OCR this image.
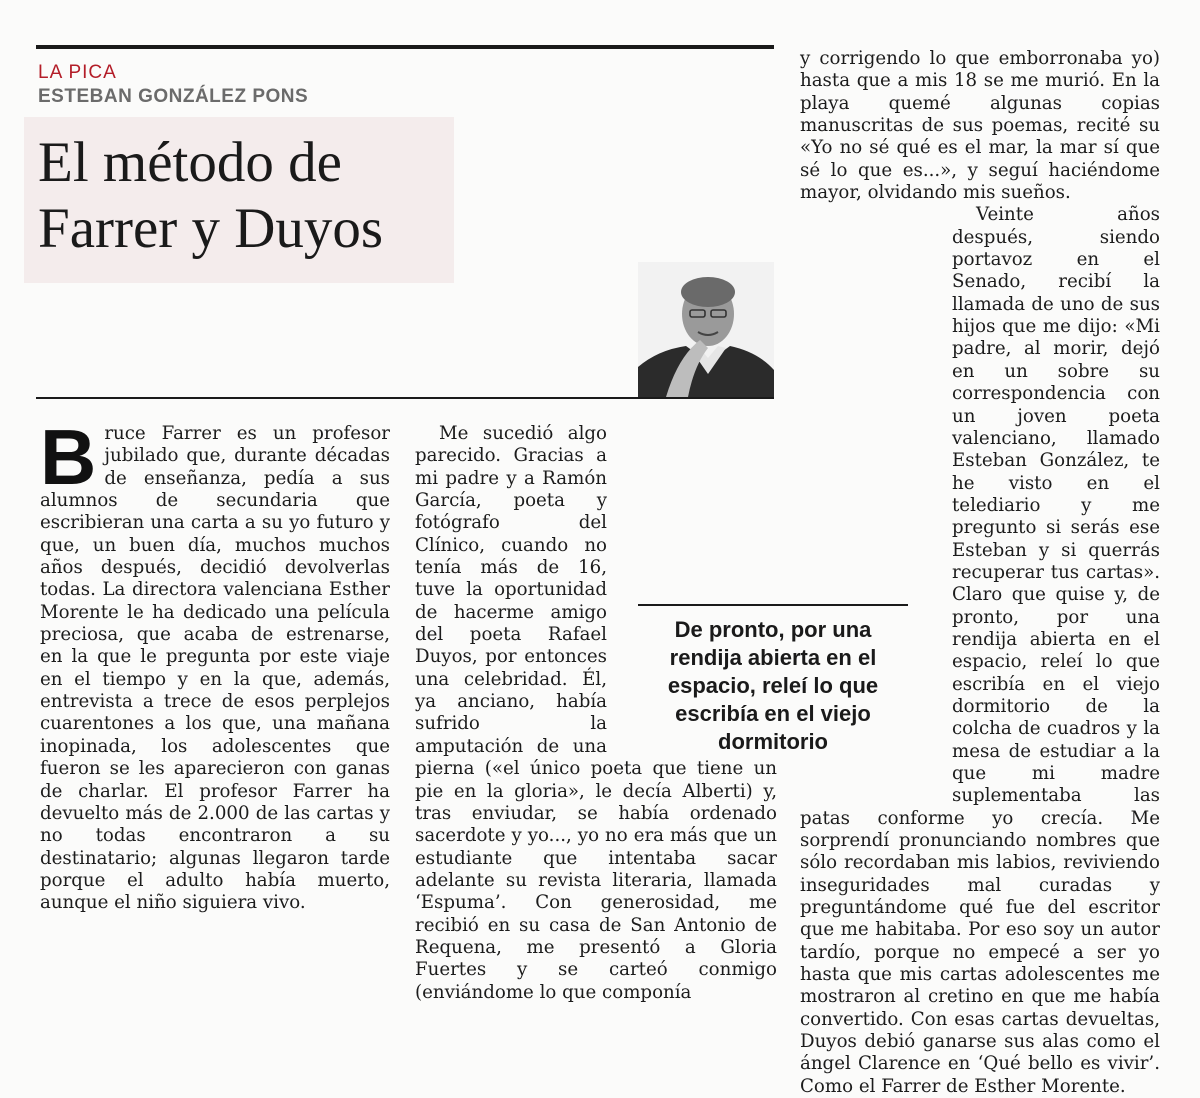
LA PICA
ESTEBAN GONZÁLEZ PONS
El método de Farrer y Duyos

Bruce Farrer es un profesor jubilado que, durante décadas de enseñanza, pedía a sus alumnos de secundaria que escribieran una carta a su yo futuro y que, un buen día, muchos muchos años después, decidió devolverlas todas. La directora valenciana Esther Morente le ha dedicado una película preciosa, que acaba de estrenarse, en la que le pregunta por este viaje en el tiempo y en la que, además, entrevista a trece de esos perplejos cuarentones a los que, una mañana inopinada, los adolescentes que fueron se les aparecieron con ganas de charlar. El profesor Farrer ha devuelto más de 2.000 de las cartas y no todas encontraron a su destinatario; algunas llegaron tarde porque el adulto había muerto, aunque el niño siguiera vivo.

Me sucedió algo parecido. Gracias a mi padre y a Ramón García, poeta y fotógrafo del Clínico, cuando no tenía más de 16, tuve la oportunidad de hacerme amigo del poeta Rafael Duyos, por entonces una celebridad. Él, ya anciano, había sufrido la amputación de una pierna («el único poeta que tiene un pie en la gloria», le decía Alberti) y, tras enviudar, se había ordenado sacerdote y yo..., yo no era más que un estudiante que intentaba sacar adelante su revista literaria, llamada ‘Espuma’. Con generosidad, me recibió en su casa de San Antonio de Requena, me presentó a Gloria Fuertes y se carteó conmigo (enviándome lo que componía

y corrigendo lo que emborronaba yo) hasta que a mis 18 se me murió. En la playa quemé algunas copias manuscritas de sus poemas, recité su «Yo no sé qué es el mar, la mar sí que sé lo que es...», y seguí haciéndome mayor, olvidando mis sueños.

Veinte años después, siendo portavoz en el Senado, recibí la llamada de uno de sus hijos que me dijo: «Mi padre, al morir, dejó en un sobre su correspondencia con un joven poeta valenciano, llamado Esteban González, te he visto en el telediario y me pregunto si serás ese Esteban y si querrás recuperar tus cartas». Claro que quise y, de pronto, por una rendija abierta en el espacio, releí lo que escribía en el viejo dormitorio de la colcha de cuadros y la mesa de estudiar a la que mi madre suplementaba las patas conforme yo crecía. Me sorprendí pronunciando nombres que sólo recordaban mis labios, reviviendo inseguridades mal curadas y preguntándome qué fue del escritor que me habitaba. Por eso soy un autor tardío, porque no empecé a ser yo hasta que mis cartas adolescentes me mostraron al cretino en que me había convertido. Con esas cartas devueltas, Duyos debió ganarse sus alas como el ángel Clarence en ‘Qué bello es vivir’. Como el Farrer de Esther Morente.

De pronto, por una rendija abierta en el espacio, releí lo que escribía en el viejo dormitorio
